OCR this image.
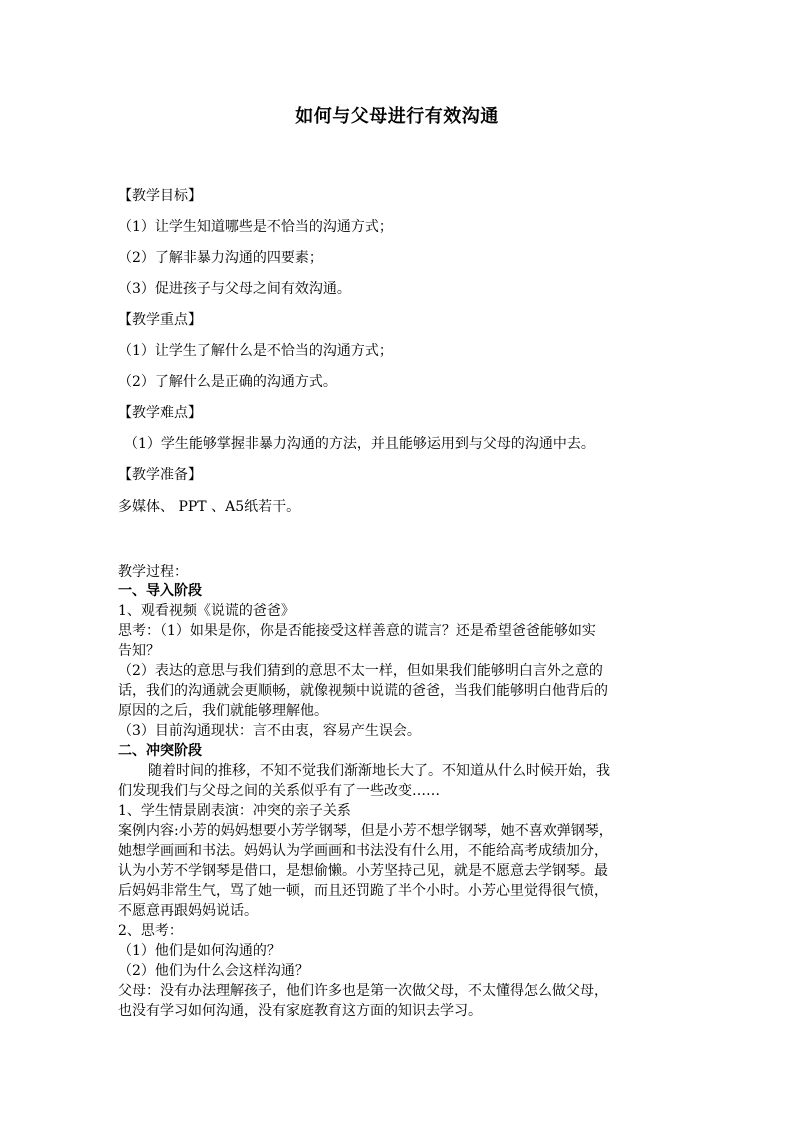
如何与父母进行有效沟通
【教学目标】
（1）让学生知道哪些是不恰当的沟通方式；
（2）了解非暴力沟通的四要素；
（3）促进孩子与父母之间有效沟通。
【教学重点】
（1）让学生了解什么是不恰当的沟通方式；
（2）了解什么是正确的沟通方式。
【教学难点】
（1）学生能够掌握非暴力沟通的方法，并且能够运用到与父母的沟通中去。
【教学准备】
多媒体、 PPT 、A5纸若干。
教学过程：
一、导入阶段
1、观看视频《说谎的爸爸》
思考：（1）如果是你，你是否能接受这样善意的谎言？还是希望爸爸能够如实
告知？
（2）表达的意思与我们猜到的意思不太一样，但如果我们能够明白言外之意的
话，我们的沟通就会更顺畅，就像视频中说谎的爸爸，当我们能够明白他背后的
原因的之后，我们就能够理解他。
（3）目前沟通现状：言不由衷，容易产生误会。
二、冲突阶段
随着时间的推移，不知不觉我们渐渐地长大了。不知道从什么时候开始，我
们发现我们与父母之间的关系似乎有了一些改变……
1、学生情景剧表演：冲突的亲子关系
案例内容:小芳的妈妈想要小芳学钢琴，但是小芳不想学钢琴，她不喜欢弹钢琴，
她想学画画和书法。妈妈认为学画画和书法没有什么用，不能给高考成绩加分，
认为小芳不学钢琴是借口，是想偷懒。小芳坚持己见，就是不愿意去学钢琴。最
后妈妈非常生气，骂了她一顿，而且还罚跪了半个小时。小芳心里觉得很气愤，
不愿意再跟妈妈说话。
2、思考：
（1）他们是如何沟通的？
（2）他们为什么会这样沟通？
父母：没有办法理解孩子，他们许多也是第一次做父母，不太懂得怎么做父母，
也没有学习如何沟通，没有家庭教育这方面的知识去学习。
